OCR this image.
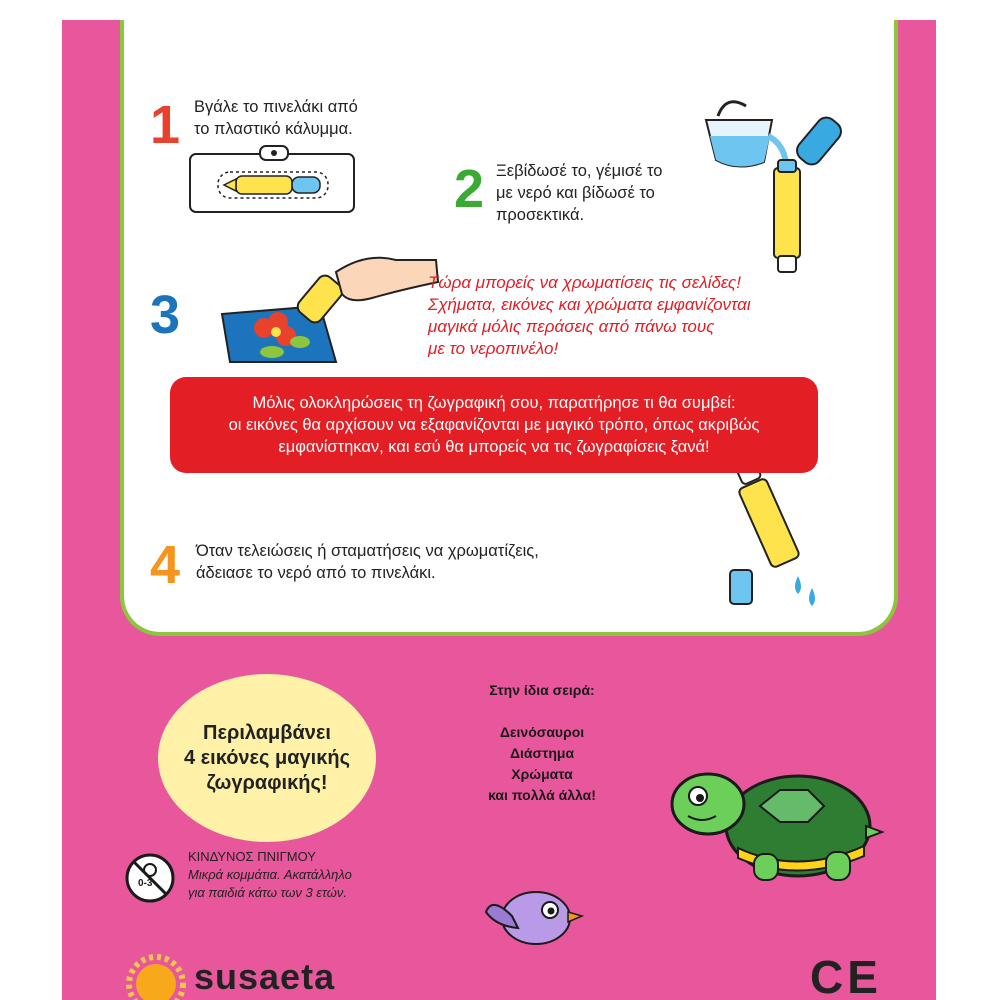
1 Βγάλε το πινελάκι από
το πλαστικό κάλυμμα.
2 Ξεβίδωσέ το, γέμισέ το
με νερό και βίδωσέ το
προσεκτικά.
3
Τώρα μπορείς να χρωματίσεις τις σελίδες!
Σχήματα, εικόνες και χρώματα εμφανίζονται
μαγικά μόλις περάσεις από πάνω τους
με το νεροπινέλο!
4 Όταν τελειώσεις ή σταματήσεις να χρωματίζεις,
άδειασε το νερό από το πινελάκι.
Μόλις ολοκληρώσεις τη ζωγραφική σου, παρατήρησε τι θα συμβεί:
οι εικόνες θα αρχίσουν να εξαφανίζονται με μαγικό τρόπο, όπως ακριβώς
εμφανίστηκαν, και εσύ θα μπορείς να τις ζωγραφίσεις ξανά!
Περιλαμβάνει
4 εικόνες μαγικής
ζωγραφικής!
Στην ίδια σειρά:
Δεινόσαυροι
Διάστημα
Χρώματα
και πολλά άλλα!
0-3
ΚΙΝΔΥΝΟΣ ΠΝΙΓΜΟΥ
Μικρά κομμάτια. Ακατάλληλο
για παιδιά κάτω των 3 ετών.
susaeta	CE
